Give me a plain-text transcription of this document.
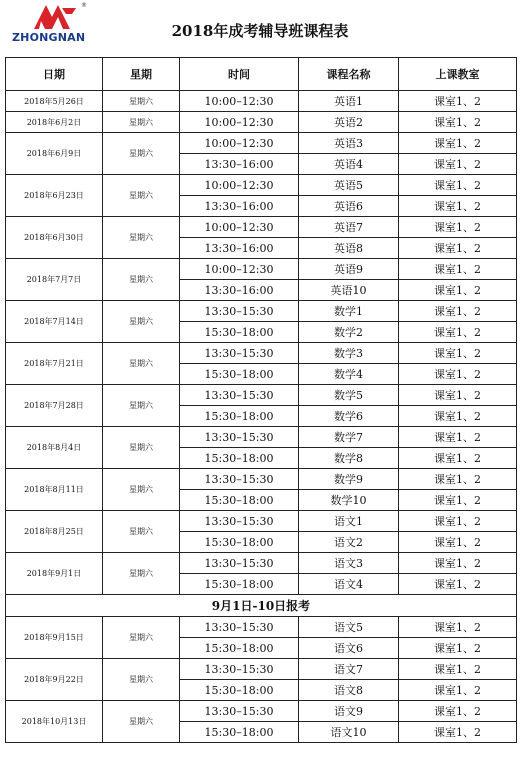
®
ZHONGNAN	2018年成考辅导班课程表
日期	星期	时间	课程名称	上课教室
2018年5月26日	星期六	10:00–12:30	英语1	课室1、2
2018年6月2日	星期六	10:00–12:30	英语2	课室1、2
2018年6月9日	星期六	10:00–12:30	英语3	课室1、2
		13:30–16:00	英语4	课室1、2
2018年6月23日	星期六	10:00–12:30	英语5	课室1、2
		13:30–16:00	英语6	课室1、2
2018年6月30日	星期六	10:00–12:30	英语7	课室1、2
		13:30–16:00	英语8	课室1、2
2018年7月7日	星期六	10:00–12:30	英语9	课室1、2
		13:30–16:00	英语10	课室1、2
2018年7月14日	星期六	13:30–15:30	数学1	课室1、2
		15:30–18:00	数学2	课室1、2
2018年7月21日	星期六	13:30–15:30	数学3	课室1、2
		15:30–18:00	数学4	课室1、2
2018年7月28日	星期六	13:30–15:30	数学5	课室1、2
		15:30–18:00	数学6	课室1、2
2018年8月4日	星期六	13:30–15:30	数学7	课室1、2
		15:30–18:00	数学8	课室1、2
2018年8月11日	星期六	13:30–15:30	数学9	课室1、2
		15:30–18:00	数学10	课室1、2
2018年8月25日	星期六	13:30–15:30	语文1	课室1、2
		15:30–18:00	语文2	课室1、2
2018年9月1日	星期六	13:30–15:30	语文3	课室1、2
		15:30–18:00	语文4	课室1、2
9月1日-10日报考				
2018年9月15日	星期六	13:30–15:30	语文5	课室1、2
		15:30–18:00	语文6	课室1、2
2018年9月22日	星期六	13:30–15:30	语文7	课室1、2
		15:30–18:00	语文8	课室1、2
2018年10月13日	星期六	13:30–15:30	语文9	课室1、2
		15:30–18:00	语文10	课室1、2
